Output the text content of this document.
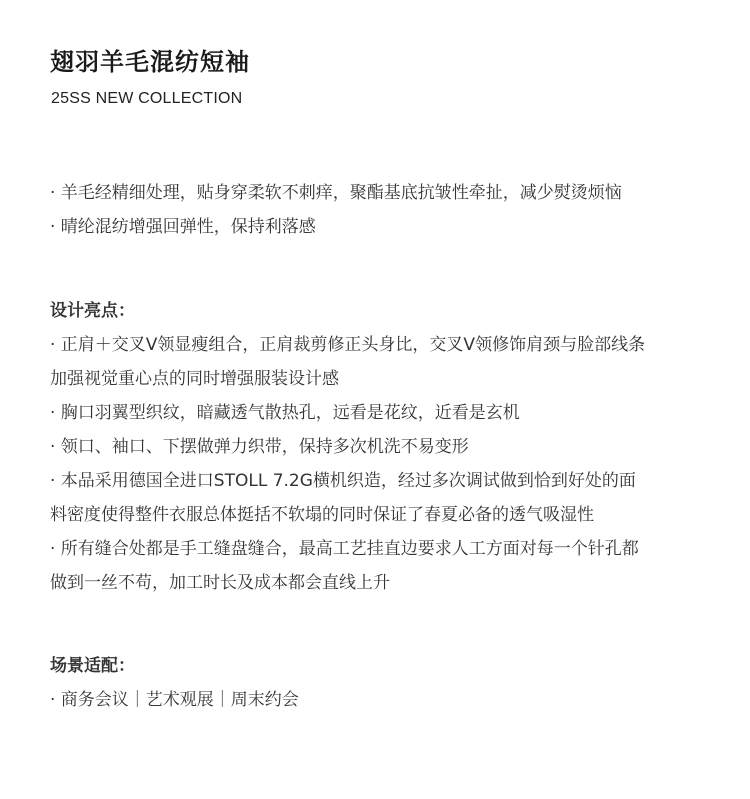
翅羽羊毛混纺短袖
25SS NEW COLLECTION
· 羊毛经精细处理，贴身穿柔软不刺痒，聚酯基底抗皱性牵扯，减少熨烫烦恼
· 晴纶混纺增强回弹性，保持利落感
设计亮点：
· 正肩＋交叉V领显瘦组合，正肩裁剪修正头身比，交叉V领修饰肩颈与脸部线条
加强视觉重心点的同时增强服装设计感
· 胸口羽翼型织纹，暗藏透气散热孔，远看是花纹，近看是玄机
· 领口、袖口、下摆做弹力织带，保持多次机洗不易变形
· 本品采用德国全进口STOLL 7.2G横机织造，经过多次调试做到恰到好处的面
料密度使得整件衣服总体挺括不软塌的同时保证了春夏必备的透气吸湿性
· 所有缝合处都是手工缝盘缝合，最高工艺挂直边要求人工方面对每一个针孔都
做到一丝不苟，加工时长及成本都会直线上升
场景适配：
· 商务会议｜艺术观展｜周末约会
